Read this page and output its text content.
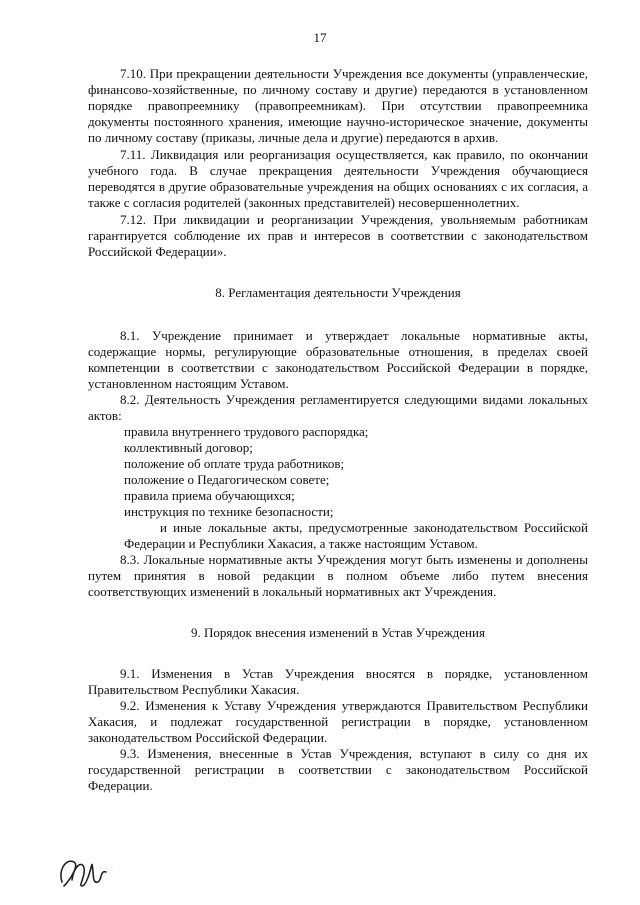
17

7.10. При прекращении деятельности Учреждения все документы (управленческие, финансово-хозяйственные, по личному составу и другие) передаются в установленном порядке правопреемнику (правопреемникам). При отсутствии правопреемника документы постоянного хранения, имеющие научно-историческое значение, документы по личному составу (приказы, личные дела и другие) передаются в архив.

7.11. Ликвидация или реорганизация осуществляется, как правило, по окончании учебного года. В случае прекращения деятельности Учреждения обучающиеся переводятся в другие образовательные учреждения на общих основаниях с их согласия, а также с согласия родителей (законных представителей) несовершеннолетних.

7.12. При ликвидации и реорганизации Учреждения, увольняемым работникам гарантируется соблюдение их прав и интересов в соответствии с законодательством Российской Федерации».

8. Регламентация деятельности Учреждения

8.1. Учреждение принимает и утверждает локальные нормативные акты, содержащие нормы, регулирующие образовательные отношения, в пределах своей компетенции в соответствии с законодательством Российской Федерации в порядке, установленном настоящим Уставом.

8.2. Деятельность Учреждения регламентируется следующими видами локальных актов:

правила внутреннего трудового распорядка;
коллективный договор;
положение об оплате труда работников;
положение о Педагогическом совете;
правила приема обучающихся;
инструкция по технике безопасности;
и иные локальные акты, предусмотренные законодательством Российской Федерации и Республики Хакасия, а также настоящим Уставом.

8.3. Локальные нормативные акты Учреждения могут быть изменены и дополнены путем принятия в новой редакции в полном объеме либо путем внесения соответствующих изменений в локальный нормативных акт Учреждения.

9. Порядок внесения изменений в Устав Учреждения

9.1. Изменения в Устав Учреждения вносятся в порядке, установленном Правительством Республики Хакасия.

9.2. Изменения к Уставу Учреждения утверждаются Правительством Республики Хакасия, и подлежат государственной регистрации в порядке, установленном законодательством Российской Федерации.

9.3. Изменения, внесенные в Устав Учреждения, вступают в силу со дня их государственной регистрации в соответствии с законодательством Российской Федерации.

· · ·
